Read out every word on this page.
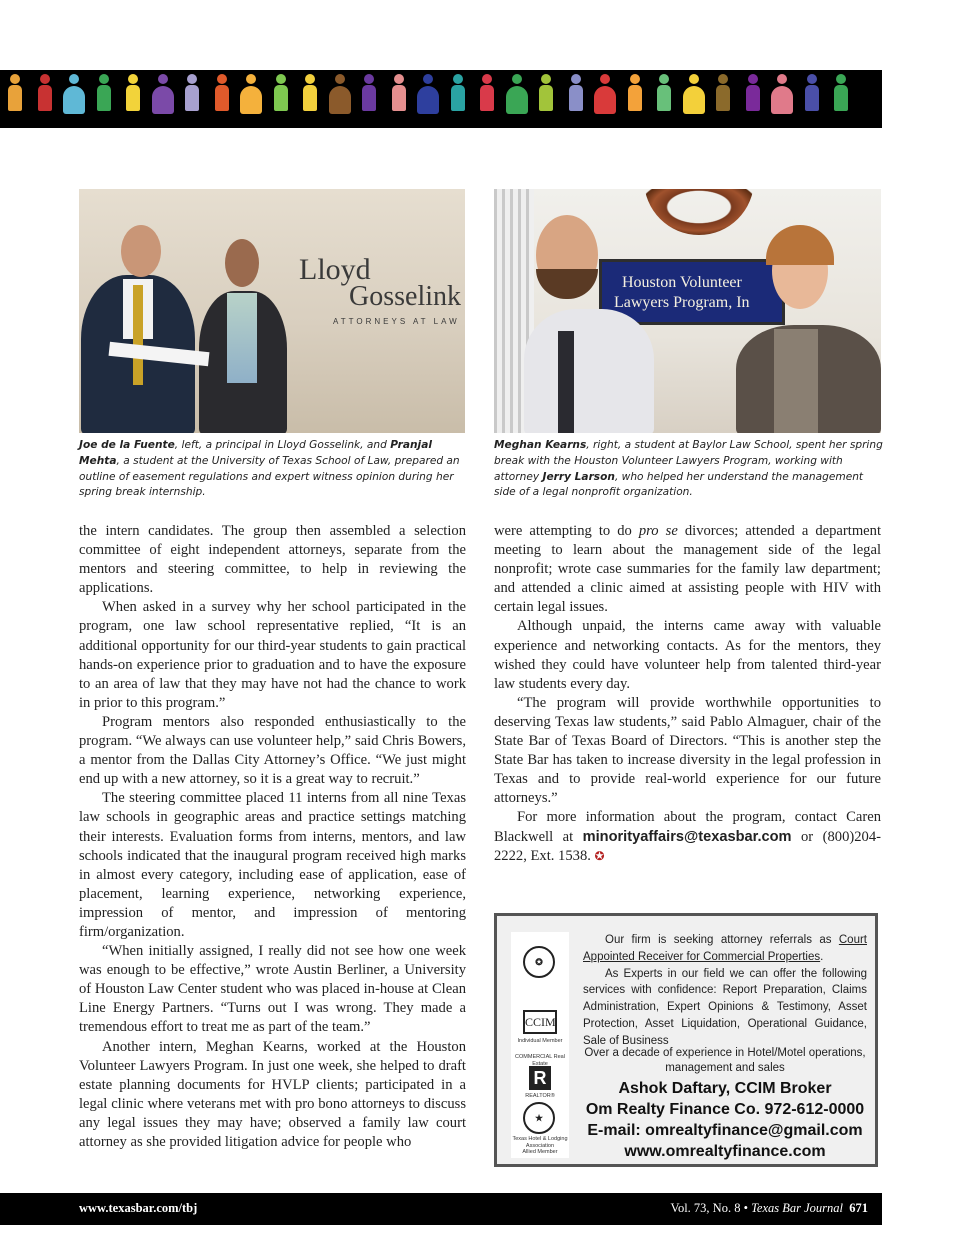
Lloyd
Gosselink
ATTORNEYS AT LAW
Houston Volunteer
Lawyers Program, In
Joe de la Fuente, left, a principal in Lloyd Gosselink, and Pranjal Mehta, a student at the University of Texas School of Law, prepared an outline of easement regulations and expert witness opinion during her spring break internship.
Meghan Kearns, right, a student at Baylor Law School, spent her spring break with the Houston Volunteer Lawyers Program, working with attorney Jerry Larson, who helped her understand the management side of a legal nonprofit organization.

the intern candidates. The group then assembled a selection committee of eight independent attorneys, separate from the mentors and steering committee, to help in reviewing the applications.

When asked in a survey why her school participated in the program, one law school representative replied, “It is an additional opportunity for our third-year students to gain practical hands-on experience prior to graduation and to have the exposure to an area of law that they may have not had the chance to work in prior to this program.”

Program mentors also responded enthusiastically to the program. “We always can use volunteer help,” said Chris Bowers, a mentor from the Dallas City Attorney’s Office. “We just might end up with a new attorney, so it is a great way to recruit.”

The steering committee placed 11 interns from all nine Texas law schools in geographic areas and practice settings matching their interests. Evaluation forms from interns, mentors, and law schools indicated that the inaugural program received high marks in almost every category, including ease of application, ease of placement, learning experience, networking experience, impression of mentor, and impression of mentoring firm/organization.

“When initially assigned, I really did not see how one week was enough to be effective,” wrote Austin Berliner, a University of Houston Law Center student who was placed in-house at Clean Line Energy Partners. “Turns out I was wrong. They made a tremendous effort to treat me as part of the team.”

Another intern, Meghan Kearns, worked at the Houston Volunteer Lawyers Program. In just one week, she helped to draft estate planning documents for HVLP clients; participated in a legal clinic where veterans met with pro bono attorneys to discuss any legal issues they may have; observed a family law court attorney as she provided litigation advice for people who

were attempting to do pro se divorces; attended a department meeting to learn about the management side of the legal nonprofit; wrote case summaries for the family law department; and attended a clinic aimed at assisting people with HIV with certain legal issues.

Although unpaid, the interns came away with valuable experience and networking contacts. As for the mentors, they wished they could have volunteer help from talented third-year law students every day.

“The program will provide worthwhile opportunities to deserving Texas law students,” said Pablo Almaguer, chair of the State Bar of Texas Board of Directors. “This is another step the State Bar has taken to increase diversity in the legal profession in Texas and to provide real-world experience for our future attorneys.”

For more information about the program, contact Caren Blackwell at minorityaffairs@texasbar.com or (800)204-2222, Ext. 1538. ✪

✪
CCIM
Individual Member
COMMERCIAL Real Estate
R
REALTOR®
★
Texas Hotel & Lodging Association
Allied Member

Our firm is seeking attorney referrals as Court Appointed Receiver for Commercial Properties.

As Experts in our field we can offer the following services with confidence: Report Preparation, Claims Administration, Expert Opinions & Testimony, Asset Protection, Asset Liquidation, Operational Guidance, Sale of Business

Over a decade of experience in Hotel/Motel operations, management and sales
Ashok Daftary, CCIM Broker
Om Realty Finance Co. 972-612-0000
E-mail: omrealtyfinance@gmail.com
www.omrealtyfinance.com
www.texasbar.com/tbj	Vol. 73, No. 8 • Texas Bar Journal 671
